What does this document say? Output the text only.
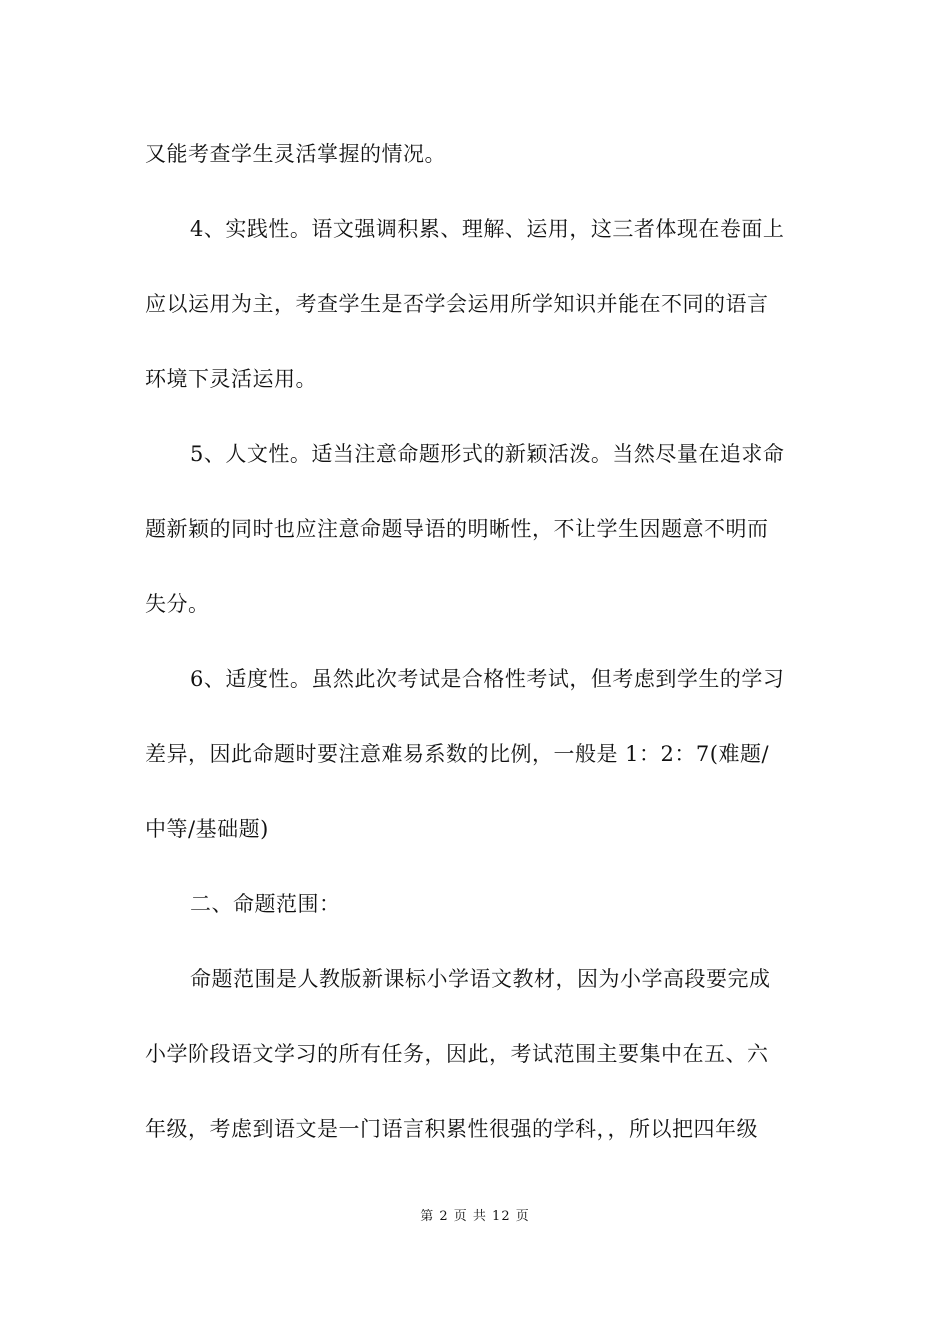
又能考查学生灵活掌握的情况。
4、实践性。语文强调积累、理解、运用，这三者体现在卷面上
应以运用为主，考查学生是否学会运用所学知识并能在不同的语言
环境下灵活运用。
5、人文性。适当注意命题形式的新颖活泼。当然尽量在追求命
题新颖的同时也应注意命题导语的明晰性，不让学生因题意不明而
失分。
6、适度性。虽然此次考试是合格性考试，但考虑到学生的学习
差异，因此命题时要注意难易系数的比例，一般是 1：2：7(难题/
中等/基础题)
二、命题范围：
命题范围是人教版新课标小学语文教材，因为小学高段要完成
小学阶段语文学习的所有任务，因此，考试范围主要集中在五、六
年级，考虑到语文是一门语言积累性很强的学科，，所以把四年级
第 2 页 共 12 页
